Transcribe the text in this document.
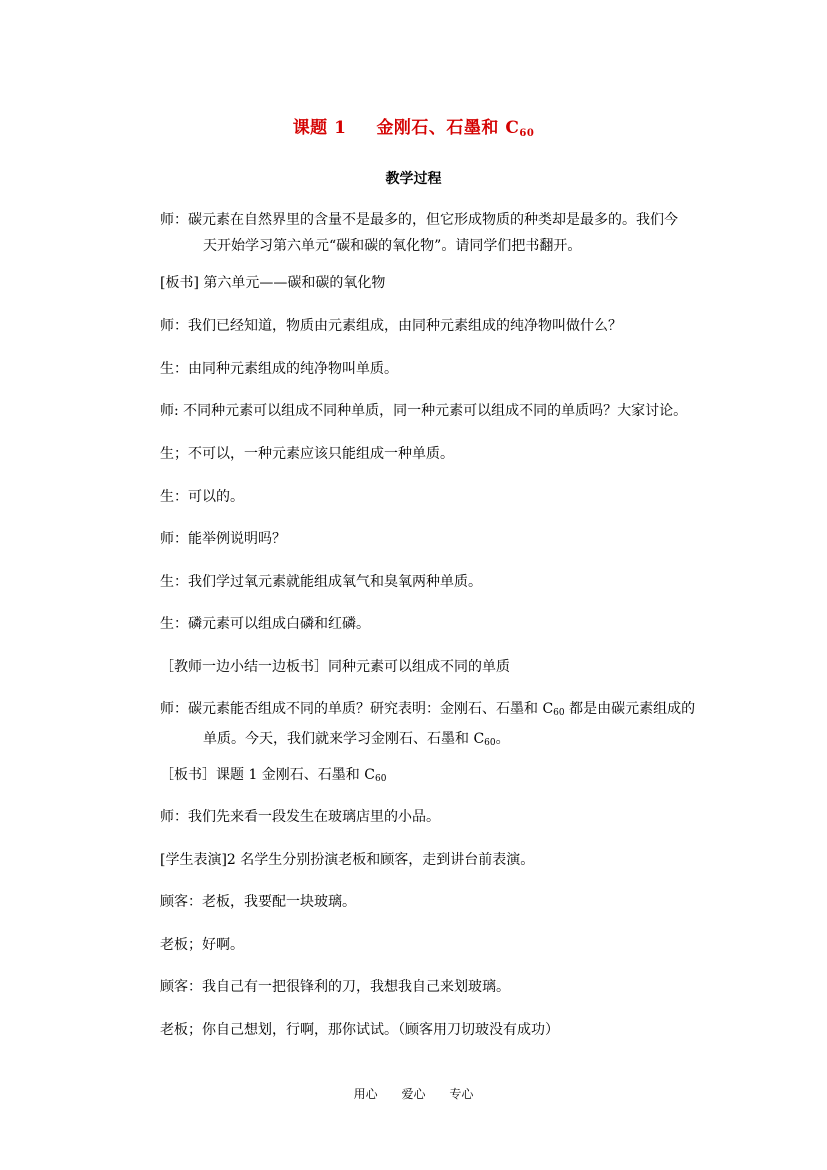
课题 1 金刚石、石墨和 $C_{60}$
教学过程
师：碳元素在自然界里的含量不是最多的，但它形成物质的种类却是最多的。我们今
天开始学习第六单元“碳和碳的氧化物”。请同学们把书翻开。
[板书] 第六单元——碳和碳的氧化物
师：我们已经知道，物质由元素组成，由同种元素组成的纯净物叫做什么？
生：由同种元素组成的纯净物叫单质。
师: 不同种元素可以组成不同种单质，同一种元素可以组成不同的单质吗？大家讨论。
生；不可以，一种元素应该只能组成一种单质。
生：可以的。
师：能举例说明吗？
生：我们学过氧元素就能组成氧气和臭氧两种单质。
生：磷元素可以组成白磷和红磷。
［教师一边小结一边板书］同种元素可以组成不同的单质
师：碳元素能否组成不同的单质？研究表明：金刚石、石墨和 $C_{60}$ 都是由碳元素组成的
单质。今天，我们就来学习金刚石、石墨和 $C_{60}$。
［板书］课题 1 金刚石、石墨和 $C_{60}$
师：我们先来看一段发生在玻璃店里的小品。
[学生表演]2 名学生分别扮演老板和顾客，走到讲台前表演。
顾客：老板，我要配一块玻璃。
老板；好啊。
顾客：我自己有一把很锋利的刀，我想我自己来划玻璃。
老板；你自己想划，行啊，那你试试。（顾客用刀切玻没有成功）
用心 爱心 专心
